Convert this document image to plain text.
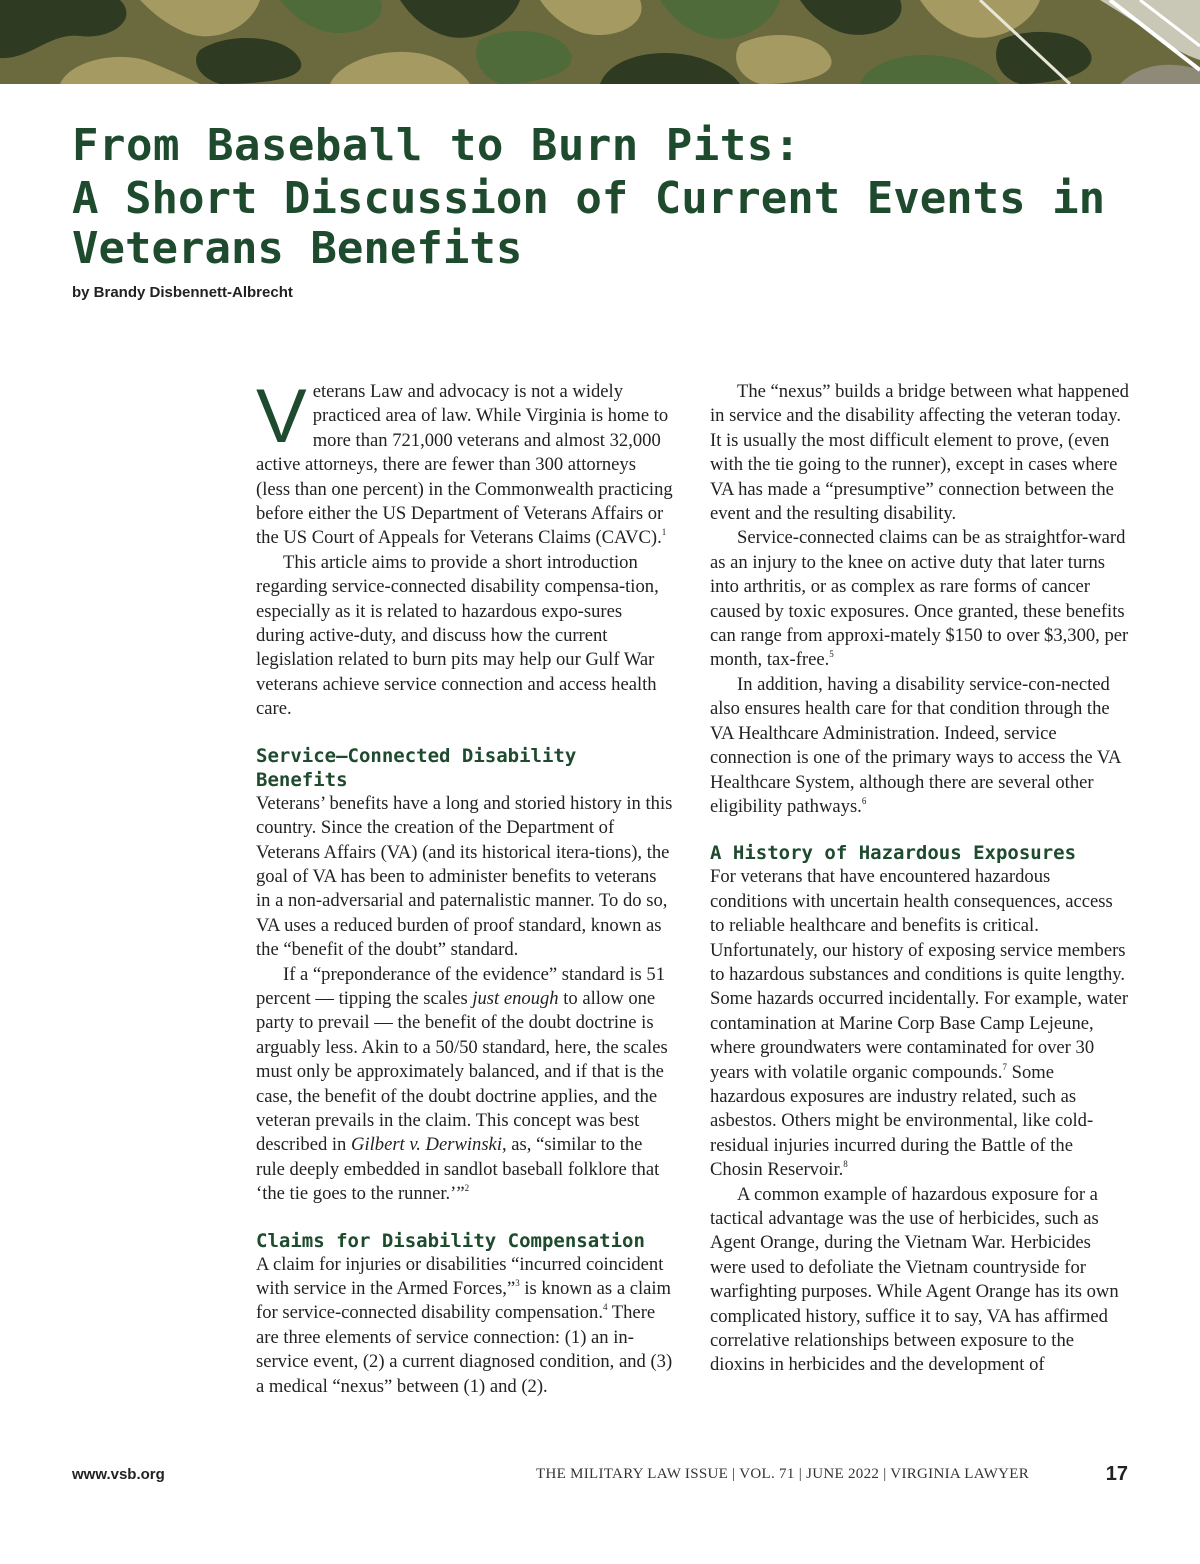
From Baseball to Burn Pits:
A Short Discussion of Current Events in Veterans Benefits
by Brandy Disbennett-Albrecht

Veterans Law and advocacy is not a widely practiced area of law. While Virginia is home to more than 721,000 veterans and almost 32,000 active attorneys, there are fewer than 300 attorneys (less than one percent) in the Commonwealth practicing before either the US Department of Veterans Affairs or the US Court of Appeals for Veterans Claims (CAVC).$^1$

This article aims to provide a short introduction regarding service-connected disability compensa-tion, especially as it is related to hazardous expo-sures during active-duty, and discuss how the current legislation related to burn pits may help our Gulf War veterans achieve service connection and access health care.

Service–Connected Disability Benefits

Veterans’ benefits have a long and storied history in this country. Since the creation of the Department of Veterans Affairs (VA) (and its historical itera-tions), the goal of VA has been to administer benefits to veterans in a non-adversarial and paternalistic manner. To do so, VA uses a reduced burden of proof standard, known as the “benefit of the doubt” standard.

If a “preponderance of the evidence” standard is 51 percent — tipping the scales just enough to allow one party to prevail — the benefit of the doubt doctrine is arguably less. Akin to a 50/50 standard, here, the scales must only be approximately balanced, and if that is the case, the benefit of the doubt doctrine applies, and the veteran prevails in the claim. This concept was best described in Gilbert v. Derwinski, as, “similar to the rule deeply embedded in sandlot baseball folklore that ‘the tie goes to the runner.’”$^2$

Claims for Disability Compensation

A claim for injuries or disabilities “incurred coincident with service in the Armed Forces,”$^3$ is known as a claim for service-connected disability compensation.$^4$ There are three elements of service connection: (1) an in-service event, (2) a current diagnosed condition, and (3) a medical “nexus” between (1) and (2).

The “nexus” builds a bridge between what happened in service and the disability affecting the veteran today. It is usually the most difficult element to prove, (even with the tie going to the runner), except in cases where VA has made a “presumptive” connection between the event and the resulting disability.

Service-connected claims can be as straightfor-ward as an injury to the knee on active duty that later turns into arthritis, or as complex as rare forms of cancer caused by toxic exposures. Once granted, these benefits can range from approxi-mately $150 to over $3,300, per month, tax-free.$^5$

In addition, having a disability service-con-nected also ensures health care for that condition through the VA Healthcare Administration. Indeed, service connection is one of the primary ways to access the VA Healthcare System, although there are several other eligibility pathways.$^6$

A History of Hazardous Exposures

For veterans that have encountered hazardous conditions with uncertain health consequences, access to reliable healthcare and benefits is critical. Unfortunately, our history of exposing service members to hazardous substances and conditions is quite lengthy. Some hazards occurred incidentally. For example, water contamination at Marine Corp Base Camp Lejeune, where groundwaters were contaminated for over 30 years with volatile organic compounds.$^7$ Some hazardous exposures are industry related, such as asbestos. Others might be environmental, like cold-residual injuries incurred during the Battle of the Chosin Reservoir.$^8$

A common example of hazardous exposure for a tactical advantage was the use of herbicides, such as Agent Orange, during the Vietnam War. Herbicides were used to defoliate the Vietnam countryside for warfighting purposes. While Agent Orange has its own complicated history, suffice it to say, VA has affirmed correlative relationships between exposure to the dioxins in herbicides and the development of

www.vsb.org	THE MILITARY LAW ISSUE | VOL. 71 | JUNE 2022 | VIRGINIA LAWYER	17
